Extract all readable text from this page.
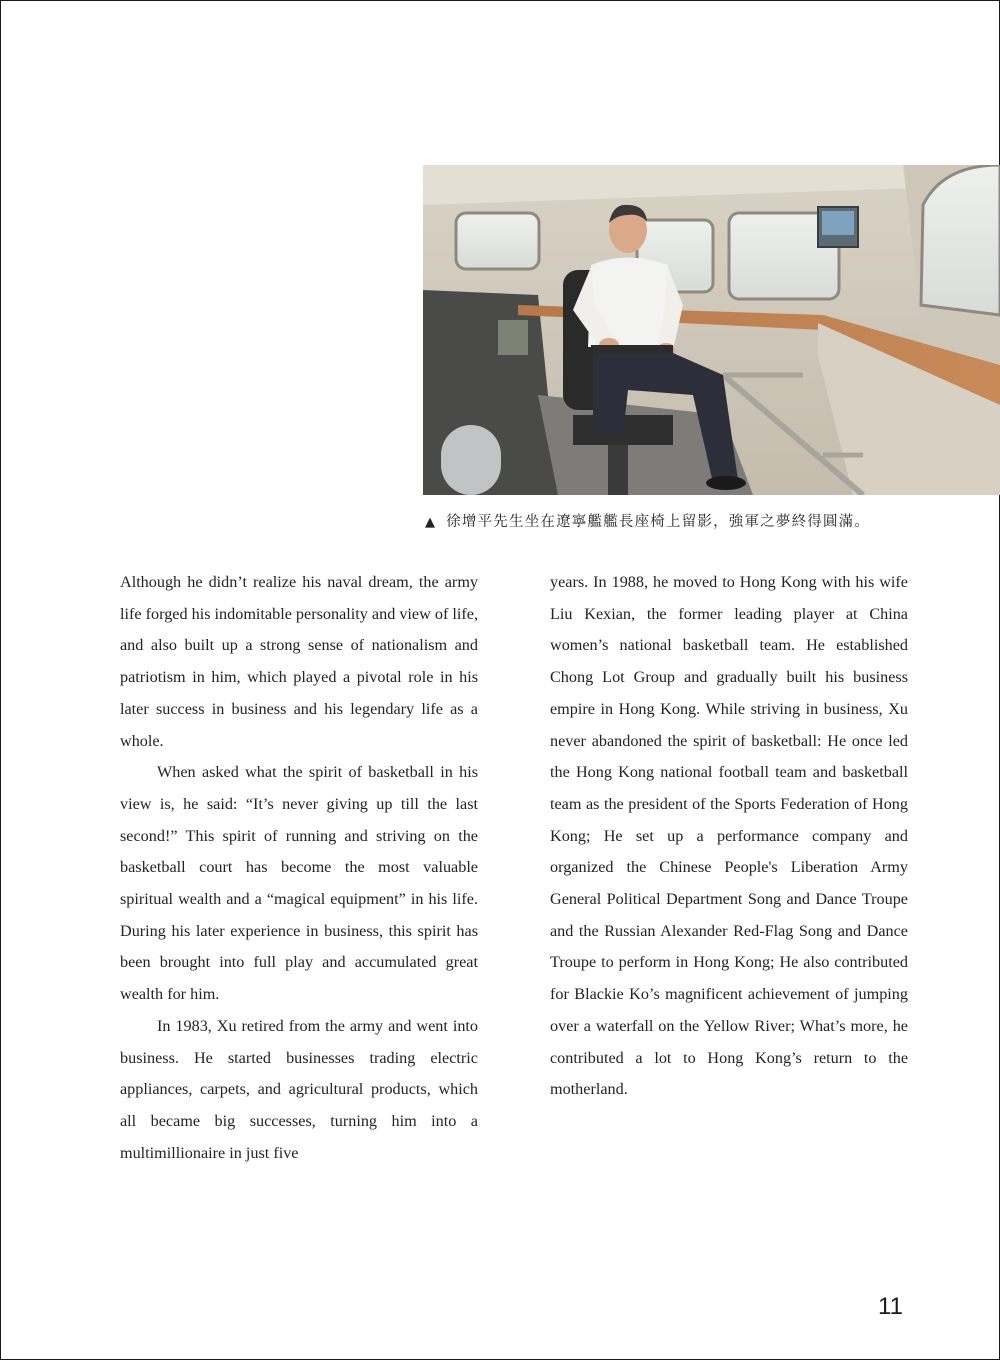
▲ 徐增平先生坐在遼寧艦艦長座椅上留影，強軍之夢終得圓滿。

Although he didn’t realize his naval dream, the army life forged his indomitable personality and view of life, and also built up a strong sense of nationalism and patriotism in him, which played a pivotal role in his later success in business and his legendary life as a whole.

When asked what the spirit of basketball in his view is, he said: “It’s never giving up till the last second!” This spirit of running and striving on the basketball court has become the most valuable spiritual wealth and a “magical equipment” in his life. During his later experience in business, this spirit has been brought into full play and accumulated great wealth for him.

In 1983, Xu retired from the army and went into business. He started businesses trading electric appliances, carpets, and agricultural products, which all became big successes, turning him into a multimillionaire in just five

years. In 1988, he moved to Hong Kong with his wife Liu Kexian, the former leading player at China women’s national basketball team. He established Chong Lot Group and gradually built his business empire in Hong Kong. While striving in business, Xu never abandoned the spirit of basketball: He once led the Hong Kong national football team and basketball team as the president of the Sports Federation of Hong Kong; He set up a performance company and organized the Chinese People's Liberation Army General Political Department Song and Dance Troupe and the Russian Alexander Red-Flag Song and Dance Troupe to perform in Hong Kong; He also contributed for Blackie Ko’s magnificent achievement of jumping over a waterfall on the Yellow River; What’s more, he contributed a lot to Hong Kong’s return to the motherland.

11
